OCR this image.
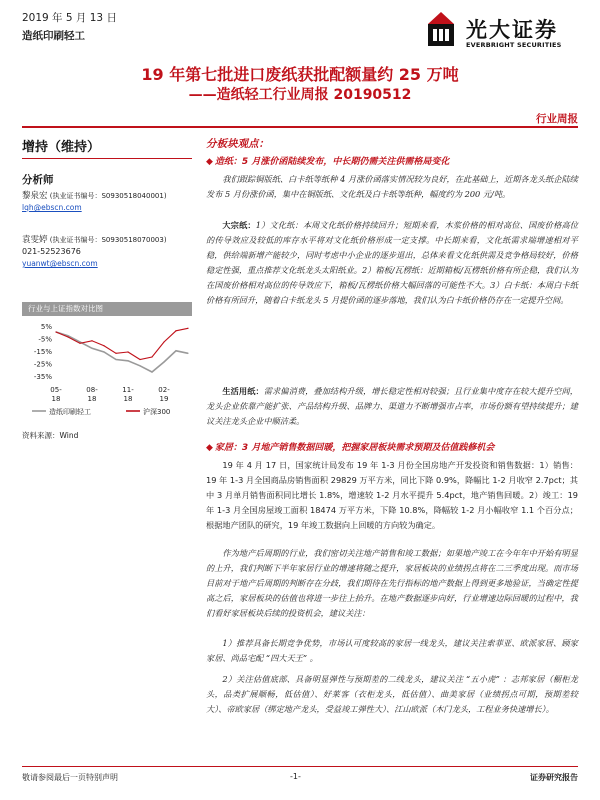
2019 年 5 月 13 日
造纸印刷轻工	光大证券
EVERBRIGHT SECURITIES
19 年第七批进口废纸获批配额量约 25 万吨
——造纸轻工行业周报 20190512
行业周报
增持（维持）
分析师
黎泉宏 (执业证书编号：S0930518040001)
lqh@ebscn.com
袁雯婷 (执业证书编号：S0930518070003)
021-52523676
yuanwt@ebscn.com
行业与上证指数对比图
5%
-5%
-15%
-25%
-35%
05-
18
08-
18
11-
18
02-
19
造纸印刷轻工	沪深300
资料来源：Wind
分板块观点：
◆ 造纸：5 月涨价函陆续发布，中长期仍需关注供需格局变化
我们跟踪铜版纸、白卡纸等纸种 4 月涨价函落实情况较为良好，在此基础上，近期各龙头纸企陆续发布 5 月份涨价函，集中在铜版纸、文化纸及白卡纸等纸种，幅度约为 200 元/吨。
大宗纸：1）文化纸：本周文化纸价格持续回升；短期来看，木浆价格的相对高位、国废价格高位的传导效应及较低的库存水平将对文化纸价格形成一定支撑。中长期来看，文化纸需求端增速相对平稳，供给端新增产能较少，同时考虑中小企业的逐步退出，总体来看文化纸供需及竞争格局较好，价格稳定性强，重点推荐文化纸龙头太阳纸业。2）箱板/瓦楞纸：近期箱板/瓦楞纸价格有所企稳，我们认为在国废价格相对高位的传导效应下，箱板/瓦楞纸价格大幅回落的可能性不大。3）白卡纸：本周白卡纸价格有所回升，随着白卡纸龙头 5 月提价函的逐步落地，我们认为白卡纸价格仍存在一定提升空间。
生活用纸：需求偏消费，叠加结构升级，增长稳定性相对较强；且行业集中度存在较大提升空间，龙头企业依靠产能扩张、产品结构升级、品牌力、渠道力不断增强市占率，市场份额有望持续提升；建议关注龙头企业中顺洁柔。
◆ 家居：3 月地产销售数据回暖，把握家居板块需求预期及估值践修机会
19 年 4 月 17 日，国家统计局发布 19 年 1-3 月份全国房地产开发投资和销售数据：1）销售：19 年 1-3 月全国商品房销售面积 29829 万平方米，同比下降 0.9%，降幅比 1-2 月收窄 2.7pct；其中 3 月单月销售面积同比增长 1.8%，增速较 1-2 月水平提升 5.4pct，地产销售回暖。2）竣工：19 年 1-3 月全国房屋竣工面积 18474 万平方米，下降 10.8%，降幅较 1-2 月小幅收窄 1.1 个百分点；根据地产团队的研究，19 年竣工数据向上回暖的方向较为确定。
作为地产后周期的行业，我们密切关注地产销售和竣工数据；如果地产竣工在今年年中开始有明显的上升，我们判断下半年家居行业的增速将随之提升，家居板块的业绩拐点将在二三季度出现。而市场目前对于地产后周期的判断存在分歧，我们期待在先行指标的地产数据上得到更多地验证，当确定性提高之后，家居板块的估值也将进一步往上抬升。在地产数据逐步向好，行业增速边际回暖的过程中，我们看好家居板块后续的投资机会，建议关注：
1）推荐具备长期竞争优势，市场认可度较高的家居一线龙头，建议关注索菲亚、欧派家居、顾家家居、尚品宅配 “四大天王” 。
2）关注估值底部、具备明显弹性与预期差的二线龙头，建议关注 “五小虎” ：志邦家居（橱柜龙头，品类扩展顺畅，低估值）、好莱客（衣柜龙头，低估值）、曲美家居（业绩拐点可期，预期差较大）、帝欧家居（绑定地产龙头，受益竣工弹性大）、江山欧派（木门龙头，工程业务快速增长）。
敬请参阅最后一页特别声明	-1-	证券研究报告
